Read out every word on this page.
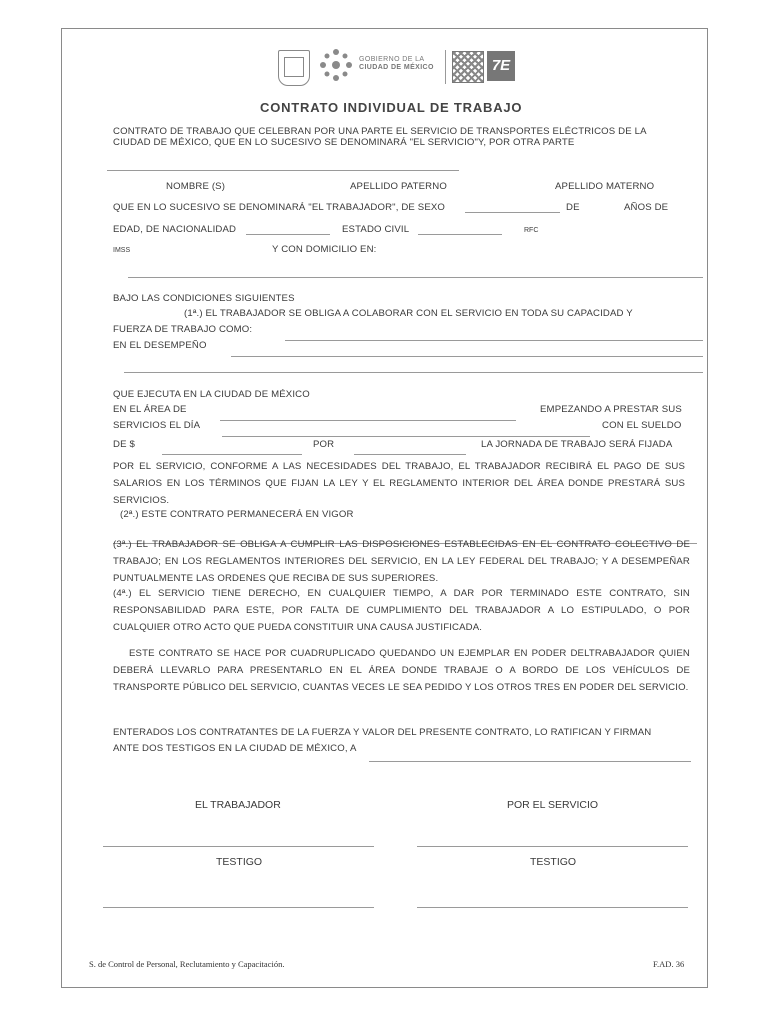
GOBIERNO DE LA
CIUDAD DE MÉXICO	7E
CONTRATO INDIVIDUAL DE TRABAJO
CONTRATO DE TRABAJO QUE CELEBRAN POR UNA PARTE EL SERVICIO DE TRANSPORTES ELÉCTRICOS DE LA
CIUDAD DE MÉXICO, QUE EN LO SUCESIVO SE DENOMINARÁ "EL SERVICIO"Y, POR OTRA PARTE
NOMBRE (S)	APELLIDO PATERNO	APELLIDO MATERNO
QUE EN LO SUCESIVO SE DENOMINARÁ "EL TRABAJADOR", DE SEXO	DE	AÑOS DE
EDAD, DE NACIONALIDAD	ESTADO CIVIL	RFC
IMSS	Y CON DOMICILIO EN:
BAJO LAS CONDICIONES SIGUIENTES
(1ª.) EL TRABAJADOR SE OBLIGA A COLABORAR CON EL SERVICIO EN TODA SU CAPACIDAD Y
FUERZA DE TRABAJO COMO:
EN EL DESEMPEÑO
QUE EJECUTA EN LA CIUDAD DE MÉXICO
EN EL ÁREA DE	EMPEZANDO A PRESTAR SUS
SERVICIOS EL DÍA	CON EL SUELDO
DE $	POR	LA JORNADA DE TRABAJO SERÁ FIJADA
POR EL SERVICIO, CONFORME A LAS NECESIDADES DEL TRABAJO, EL TRABAJADOR RECIBIRÁ EL PAGO DE SUS SALARIOS EN LOS TÉRMINOS QUE FIJAN LA LEY Y EL REGLAMENTO INTERIOR DEL ÁREA DONDE PRESTARÁ SUS SERVICIOS.
(2ª.) ESTE CONTRATO PERMANECERÁ EN VIGOR
(3ª.) EL TRABAJADOR SE OBLIGA A CUMPLIR LAS DISPOSICIONES ESTABLECIDAS EN EL CONTRATO COLECTIVO DE TRABAJO; EN LOS REGLAMENTOS INTERIORES DEL SERVICIO, EN LA LEY FEDERAL DEL TRABAJO; Y A DESEMPEÑAR PUNTUALMENTE LAS ORDENES QUE RECIBA DE SUS SUPERIORES.
(4ª.) EL SERVICIO TIENE DERECHO, EN CUALQUIER TIEMPO, A DAR POR TERMINADO ESTE CONTRATO, SIN RESPONSABILIDAD PARA ESTE, POR FALTA DE CUMPLIMIENTO DEL TRABAJADOR A LO ESTIPULADO, O POR CUALQUIER OTRO ACTO QUE PUEDA CONSTITUIR UNA CAUSA JUSTIFICADA.
ESTE CONTRATO SE HACE POR CUADRUPLICADO QUEDANDO UN EJEMPLAR EN PODER DELTRABAJADOR QUIEN DEBERÁ LLEVARLO PARA PRESENTARLO EN EL ÁREA DONDE TRABAJE O A BORDO DE LOS VEHÍCULOS DE TRANSPORTE PÚBLICO DEL SERVICIO, CUANTAS VECES LE SEA PEDIDO Y LOS OTROS TRES EN PODER DEL SERVICIO.
ENTERADOS LOS CONTRATANTES DE LA FUERZA Y VALOR DEL PRESENTE CONTRATO, LO RATIFICAN Y FIRMAN
ANTE DOS TESTIGOS EN LA CIUDAD DE MÉXICO, A
EL TRABAJADOR	POR EL SERVICIO
TESTIGO	TESTIGO
S. de Control de Personal, Reclutamiento y Capacitación.	F.AD. 36
